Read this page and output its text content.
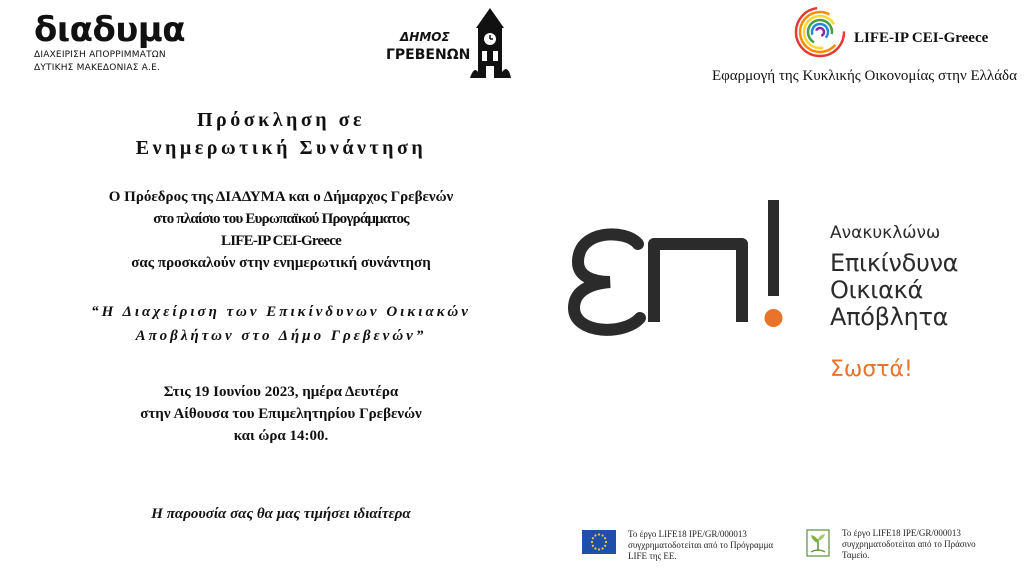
διαδυμα
ΔΙΑΧΕΙΡΙΣΗ ΑΠΟΡΡΙΜΜΑΤΩΝ
ΔΥΤΙΚΗΣ ΜΑΚΕΔΟΝΙΑΣ Α.Ε.
ΔΗΜΟΣ
ΓΡΕΒΕΝΩΝ
LIFE-IP CEI-Greece
Εφαρμογή της Κυκλικής Οικονομίας στην Ελλάδα
Πρόσκληση σε
Ενημερωτική Συνάντηση
Ο Πρόεδρος της ΔΙΑΔΥΜΑ και ο Δήμαρχος Γρεβενών
στο πλαίσιο του Ευρωπαϊκού Προγράμματος
LIFE-IP CEI-Greece
σας προσκαλούν στην ενημερωτική συνάντηση
“Η Διαχείριση των Επικίνδυνων Οικιακών
Αποβλήτων στο Δήμο Γρεβενών”
Στις 19 Ιουνίου 2023, ημέρα Δευτέρα
στην Αίθουσα του Επιμελητηρίου Γρεβενών
και ώρα 14:00.
Η παρουσία σας θα μας τιμήσει ιδιαίτερα
Ανακυκλώνω
Επικίνδυνα
Οικιακά
Απόβλητα
Σωστά!
Το έργο LIFE18 IPE/GR/000013
συγχρηματοδοτείται από το Πρόγραμμα
LIFE της ΕΕ.
Το έργο LIFE18 IPE/GR/000013
συγχρηματοδοτείται από το Πράσινο
Ταμείο.
